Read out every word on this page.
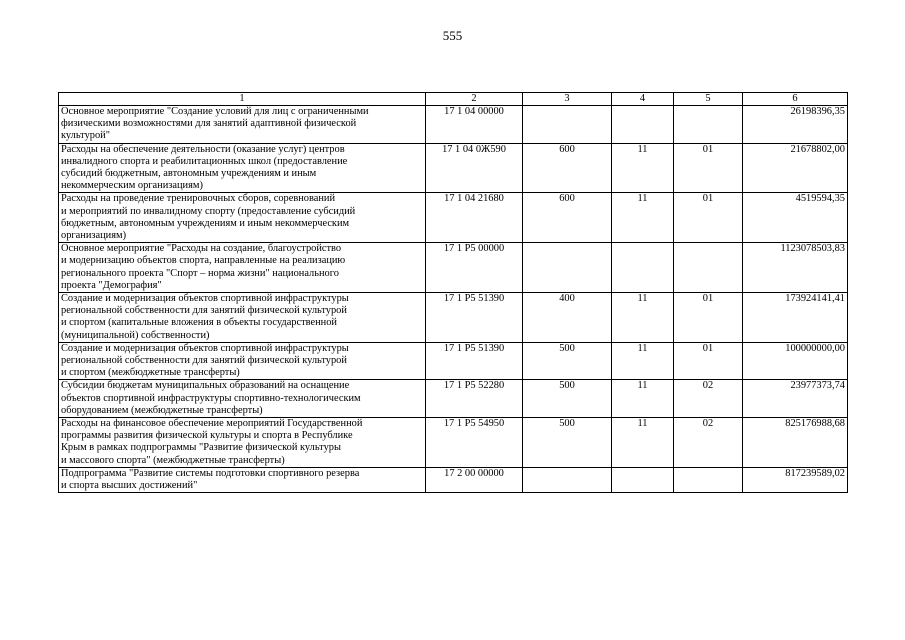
555
1	2	3	4	5	6

Основное мероприятие "Создание условий для лиц с ограниченными
физическими возможностями для занятий адаптивной физической
культурой"	17 1 04 00000				26198396,35

Расходы на обеспечение деятельности (оказание услуг) центров
инвалидного спорта и реабилитационных школ (предоставление
субсидий бюджетным, автономным учреждениям и иным
некоммерческим организациям)	17 1 04 0Ж590	600	11	01	21678802,00

Расходы на проведение тренировочных сборов, соревнований
и мероприятий по инвалидному спорту (предоставление субсидий
бюджетным, автономным учреждениям и иным некоммерческим
организациям)	17 1 04 21680	600	11	01	4519594,35

Основное мероприятие "Расходы на создание, благоустройство
и модернизацию объектов спорта, направленные на реализацию
регионального проекта "Спорт – норма жизни" национального
проекта "Демография"	17 1 P5 00000				1123078503,83

Создание и модернизация объектов спортивной инфраструктуры
региональной собственности для занятий физической культурой
и спортом (капитальные вложения в объекты государственной
(муниципальной) собственности)	17 1 P5 51390	400	11	01	173924141,41

Создание и модернизация объектов спортивной инфраструктуры
региональной собственности для занятий физической культурой
и спортом (межбюджетные трансферты)	17 1 P5 51390	500	11	01	100000000,00

Субсидии бюджетам муниципальных образований на оснащение
объектов спортивной инфраструктуры спортивно-технологическим
оборудованием (межбюджетные трансферты)	17 1 P5 52280	500	11	02	23977373,74

Расходы на финансовое обеспечение мероприятий Государственной
программы развития физической культуры и спорта в Республике
Крым в рамках подпрограммы "Развитие физической культуры
и массового спорта" (межбюджетные трансферты)	17 1 P5 54950	500	11	02	825176988,68

Подпрограмма "Развитие системы подготовки спортивного резерва
и спорта высших достижений"	17 2 00 00000				817239589,02
